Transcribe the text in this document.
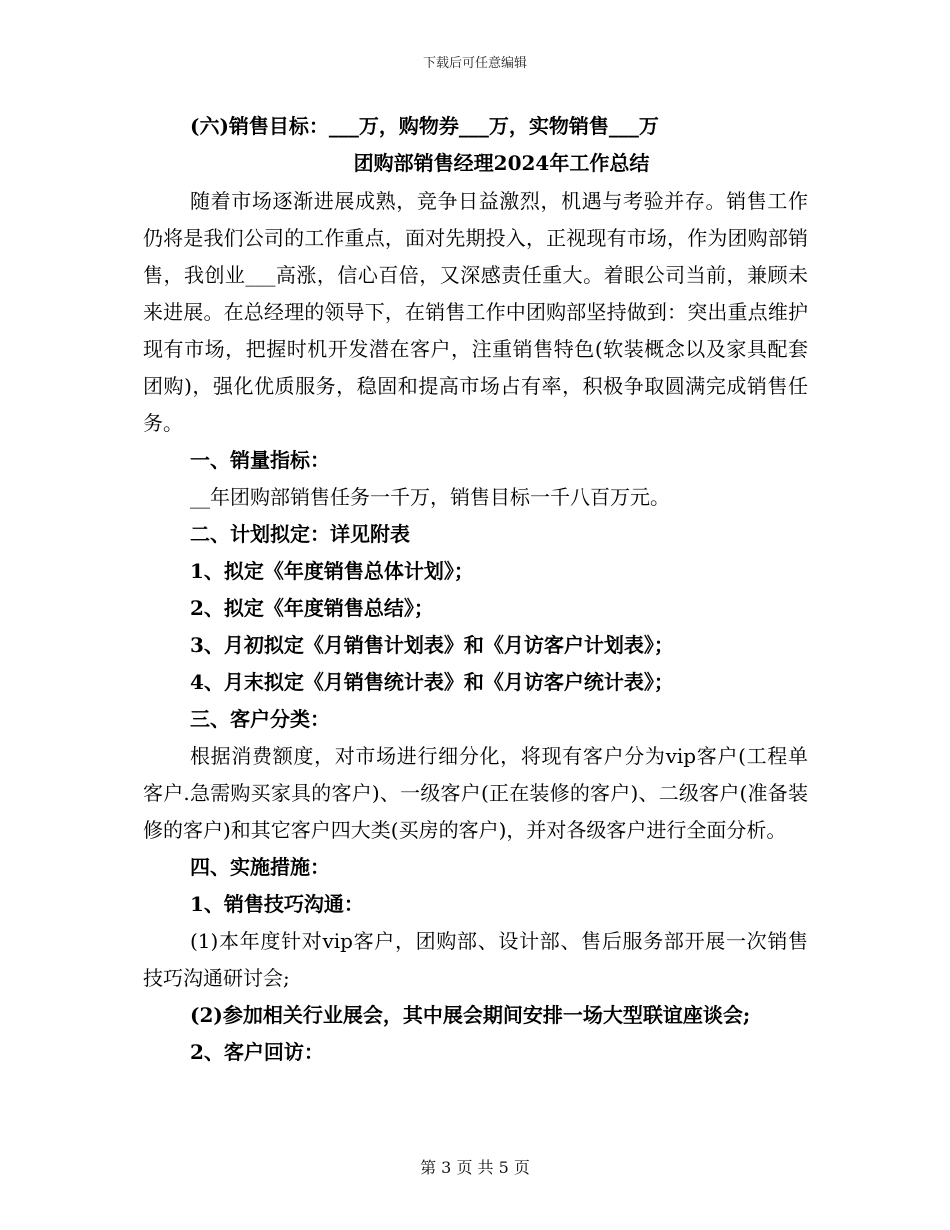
下载后可任意编辑

(六)销售目标：___万，购物券___万，实物销售___万

团购部销售经理2024年工作总结

随着市场逐渐进展成熟，竞争日益激烈，机遇与考验并存。销售工作仍将是我们公司的工作重点，面对先期投入，正视现有市场，作为团购部销售，我创业___高涨，信心百倍，又深感责任重大。着眼公司当前，兼顾未来进展。在总经理的领导下，在销售工作中团购部坚持做到：突出重点维护现有市场，把握时机开发潜在客户，注重销售特色(软装概念以及家具配套团购)，强化优质服务，稳固和提高市场占有率，积极争取圆满完成销售任务。

一、销量指标：

__年团购部销售任务一千万，销售目标一千八百万元。

二、计划拟定：详见附表

1、拟定《年度销售总体计划》；

2、拟定《年度销售总结》；

3、月初拟定《月销售计划表》和《月访客户计划表》；

4、月末拟定《月销售统计表》和《月访客户统计表》；

三、客户分类：

根据消费额度，对市场进行细分化，将现有客户分为vip客户(工程单客户.急需购买家具的客户)、一级客户(正在装修的客户)、二级客户(准备装修的客户)和其它客户四大类(买房的客户)，并对各级客户进行全面分析。

四、实施措施：

1、销售技巧沟通：

(1)本年度针对vip客户，团购部、设计部、售后服务部开展一次销售技巧沟通研讨会;

(2)参加相关行业展会，其中展会期间安排一场大型联谊座谈会;

2、客户回访：

第 3 页 共 5 页
